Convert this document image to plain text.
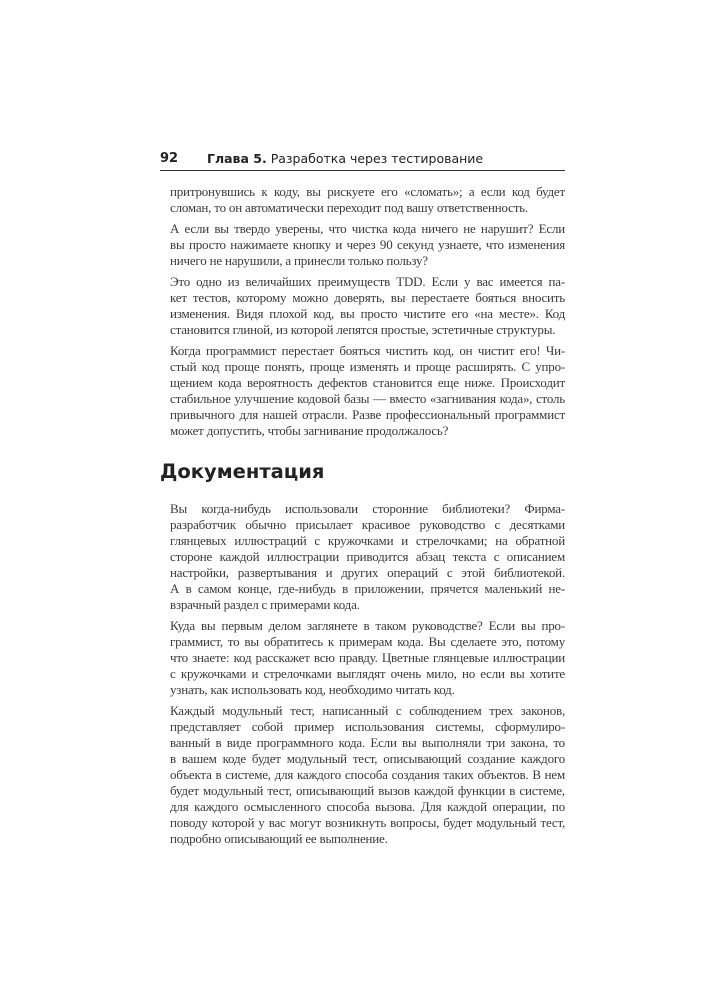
92 Глава 5. Разработка через тестирование
притронувшись к коду, вы рискуете его «сломать»; а если код будет
сломан, то он автоматически переходит под вашу ответственность.
А если вы твердо уверены, что чистка кода ничего не нарушит? Если
вы просто нажимаете кнопку и через 90 секунд узнаете, что изменения
ничего не нарушили, а принесли только пользу?
Это одно из величайших преимуществ TDD. Если у вас имеется па-
кет тестов, которому можно доверять, вы перестаете бояться вносить
изменения. Видя плохой код, вы просто чистите его «на месте». Код
становится глиной, из которой лепятся простые, эстетичные структуры.
Когда программист перестает бояться чистить код, он чистит его! Чи-
стый код проще понять, проще изменять и проще расширять. С упро-
щением кода вероятность дефектов становится еще ниже. Происходит
стабильное улучшение кодовой базы — вместо «загнивания кода», столь
привычного для нашей отрасли. Разве профессиональный программист
может допустить, чтобы загнивание продолжалось?
Документация
Вы когда-нибудь использовали сторонние библиотеки? Фирма-
разработчик обычно присылает красивое руководство с десятками
глянцевых иллюстраций с кружочками и стрелочками; на обратной
стороне каждой иллюстрации приводится абзац текста с описанием
настройки, развертывания и других операций с этой библиотекой.
А в самом конце, где-нибудь в приложении, прячется маленький не-
взрачный раздел с примерами кода.
Куда вы первым делом заглянете в таком руководстве? Если вы про-
граммист, то вы обратитесь к примерам кода. Вы сделаете это, потому
что знаете: код расскажет всю правду. Цветные глянцевые иллюстрации
с кружочками и стрелочками выглядят очень мило, но если вы хотите
узнать, как использовать код, необходимо читать код.
Каждый модульный тест, написанный с соблюдением трех законов,
представляет собой пример использования системы, сформулиро-
ванный в виде программного кода. Если вы выполняли три закона, то
в вашем коде будет модульный тест, описывающий создание каждого
объекта в системе, для каждого способа создания таких объектов. В нем
будет модульный тест, описывающий вызов каждой функции в системе,
для каждого осмысленного способа вызова. Для каждой операции, по
поводу которой у вас могут возникнуть вопросы, будет модульный тест,
подробно описывающий ее выполнение.
